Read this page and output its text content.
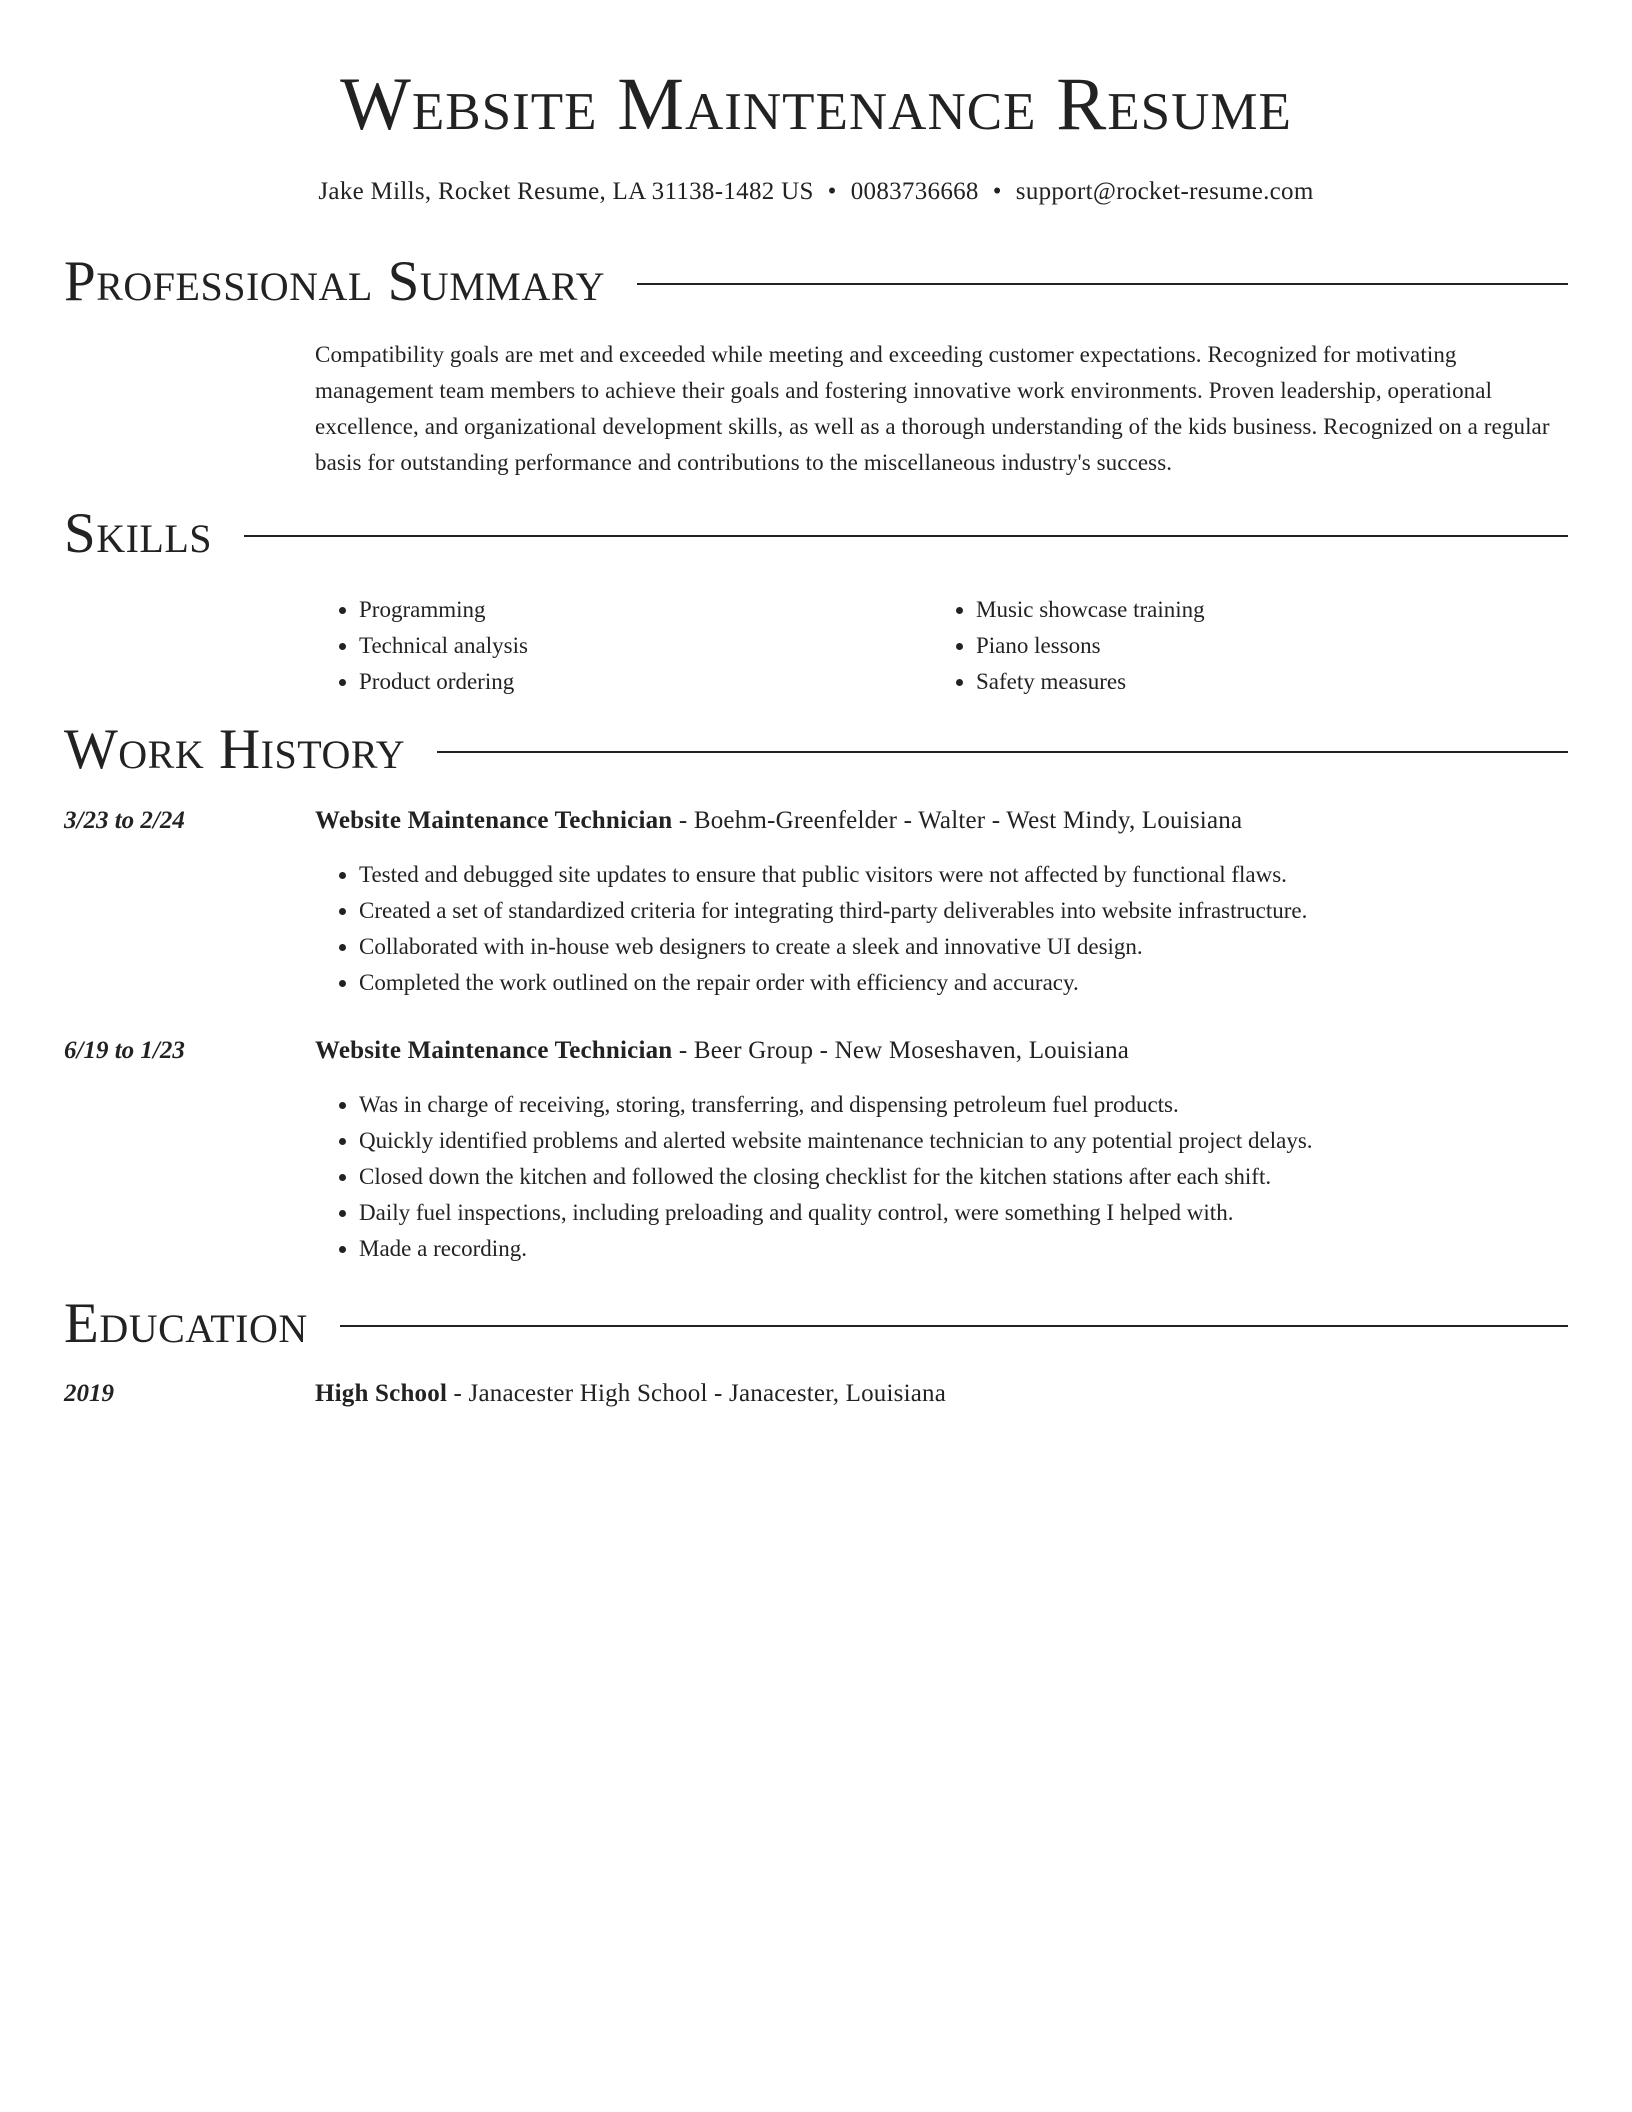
Website Maintenance Resume
Jake Mills, Rocket Resume, LA 31138-1482 US • 0083736668 • support@rocket-resume.com
Professional Summary

Compatibility goals are met and exceeded while meeting and exceeding customer expectations. Recognized for motivating management team members to achieve their goals and fostering innovative work environments. Proven leadership, operational excellence, and organizational development skills, as well as a thorough understanding of the kids business. Recognized on a regular basis for outstanding performance and contributions to the miscellaneous industry's success.

Skills
• Programming
• Technical analysis
• Product ordering
• Music showcase training
• Piano lessons
• Safety measures
Work History
3/23 to 2/24	Website Maintenance Technician - Boehm-Greenfelder - Walter - West Mindy, Louisiana
• Tested and debugged site updates to ensure that public visitors were not affected by functional flaws.
• Created a set of standardized criteria for integrating third-party deliverables into website infrastructure.
• Collaborated with in-house web designers to create a sleek and innovative UI design.
• Completed the work outlined on the repair order with efficiency and accuracy.
6/19 to 1/23	Website Maintenance Technician - Beer Group - New Moseshaven, Louisiana
• Was in charge of receiving, storing, transferring, and dispensing petroleum fuel products.
• Quickly identified problems and alerted website maintenance technician to any potential project delays.
• Closed down the kitchen and followed the closing checklist for the kitchen stations after each shift.
• Daily fuel inspections, including preloading and quality control, were something I helped with.
• Made a recording.
Education
2019	High School - Janacester High School - Janacester, Louisiana
